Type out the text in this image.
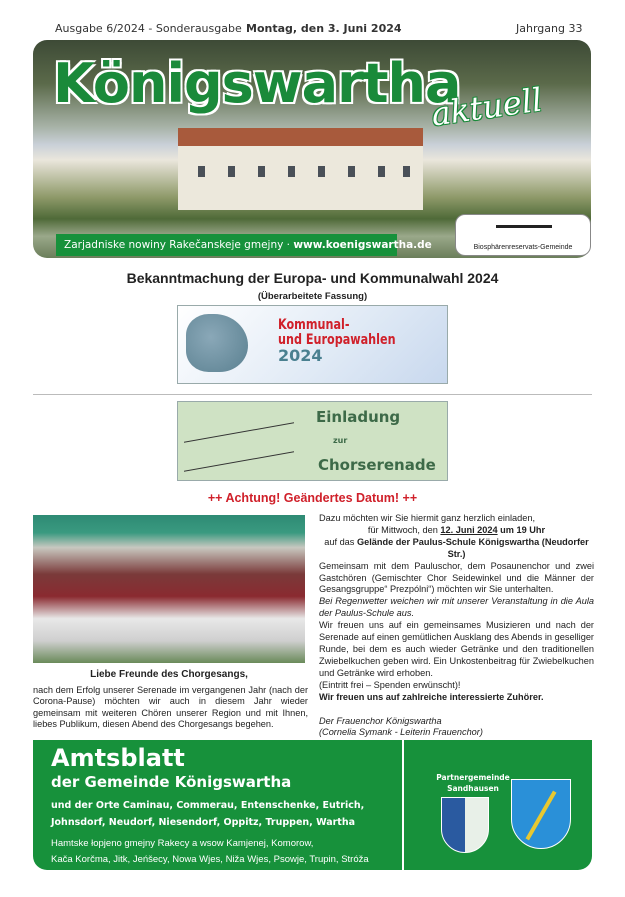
Ausgabe 6/2024 - Sonderausgabe Montag, den 3. Juni 2024	Jahrgang 33
Königswartha
aktuell
Zarjadniske nowiny Rakečanskeje gmejny · www.koenigswartha.de	Biosphärenreservats-Gemeinde
Bekanntmachung der Europa- und Kommunalwahl 2024
(Überarbeitete Fassung)
Kommunal-
und Europawahlen
2024
Einladung
zur
Chorserenade
++ Achtung! Geändertes Datum! ++
Liebe Freunde des Chorgesangs,
nach dem Erfolg unserer Serenade im vergangenen Jahr (nach der Corona-Pause) möchten wir auch in diesem Jahr wieder gemeinsam mit weiteren Chören unserer Region und mit Ihnen, liebes Publikum, diesen Abend des Chorgesangs begehen.
Dazu möchten wir Sie hiermit ganz herzlich einladen,
für Mittwoch, den 12. Juni 2024 um 19 Uhr
auf das Gelände der Paulus-Schule Königswartha (Neudorfer Str.)
Gemeinsam mit dem Pauluschor, dem Posaunenchor und zwei Gastchören (Gemischter Chor Seidewinkel und die Männer der Gesangsgruppe“ Prezpólni“) möchten wir Sie unterhalten.
Bei Regenwetter weichen wir mit unserer Veranstaltung in die Aula der Paulus-Schule aus.
Wir freuen uns auf ein gemeinsames Musizieren und nach der Serenade auf einen gemütlichen Ausklang des Abends in geselliger Runde, bei dem es auch wieder Getränke und den traditionellen Zwiebelkuchen geben wird. Ein Unkostenbeitrag für Zwiebelkuchen und Getränke wird erhoben.
(Eintritt frei – Spenden erwünscht)!
Wir freuen uns auf zahlreiche interessierte Zuhörer.
Der Frauenchor Königswartha
(Cornelia Symank - Leiterin Frauenchor)
Amtsblatt
der Gemeinde Königswartha
und der Orte Caminau, Commerau, Entenschenke, Eutrich,
Johnsdorf, Neudorf, Niesendorf, Oppitz, Truppen, Wartha
Hamtske łopjeno gmejny Rakecy a wsow Kamjenej, Komorow,
Kača Korčma, Jitk, Jeńšecy, Nowa Wjes, Niža Wjes, Psowje, Trupin, Stróža
Partnergemeinde Sandhausen
